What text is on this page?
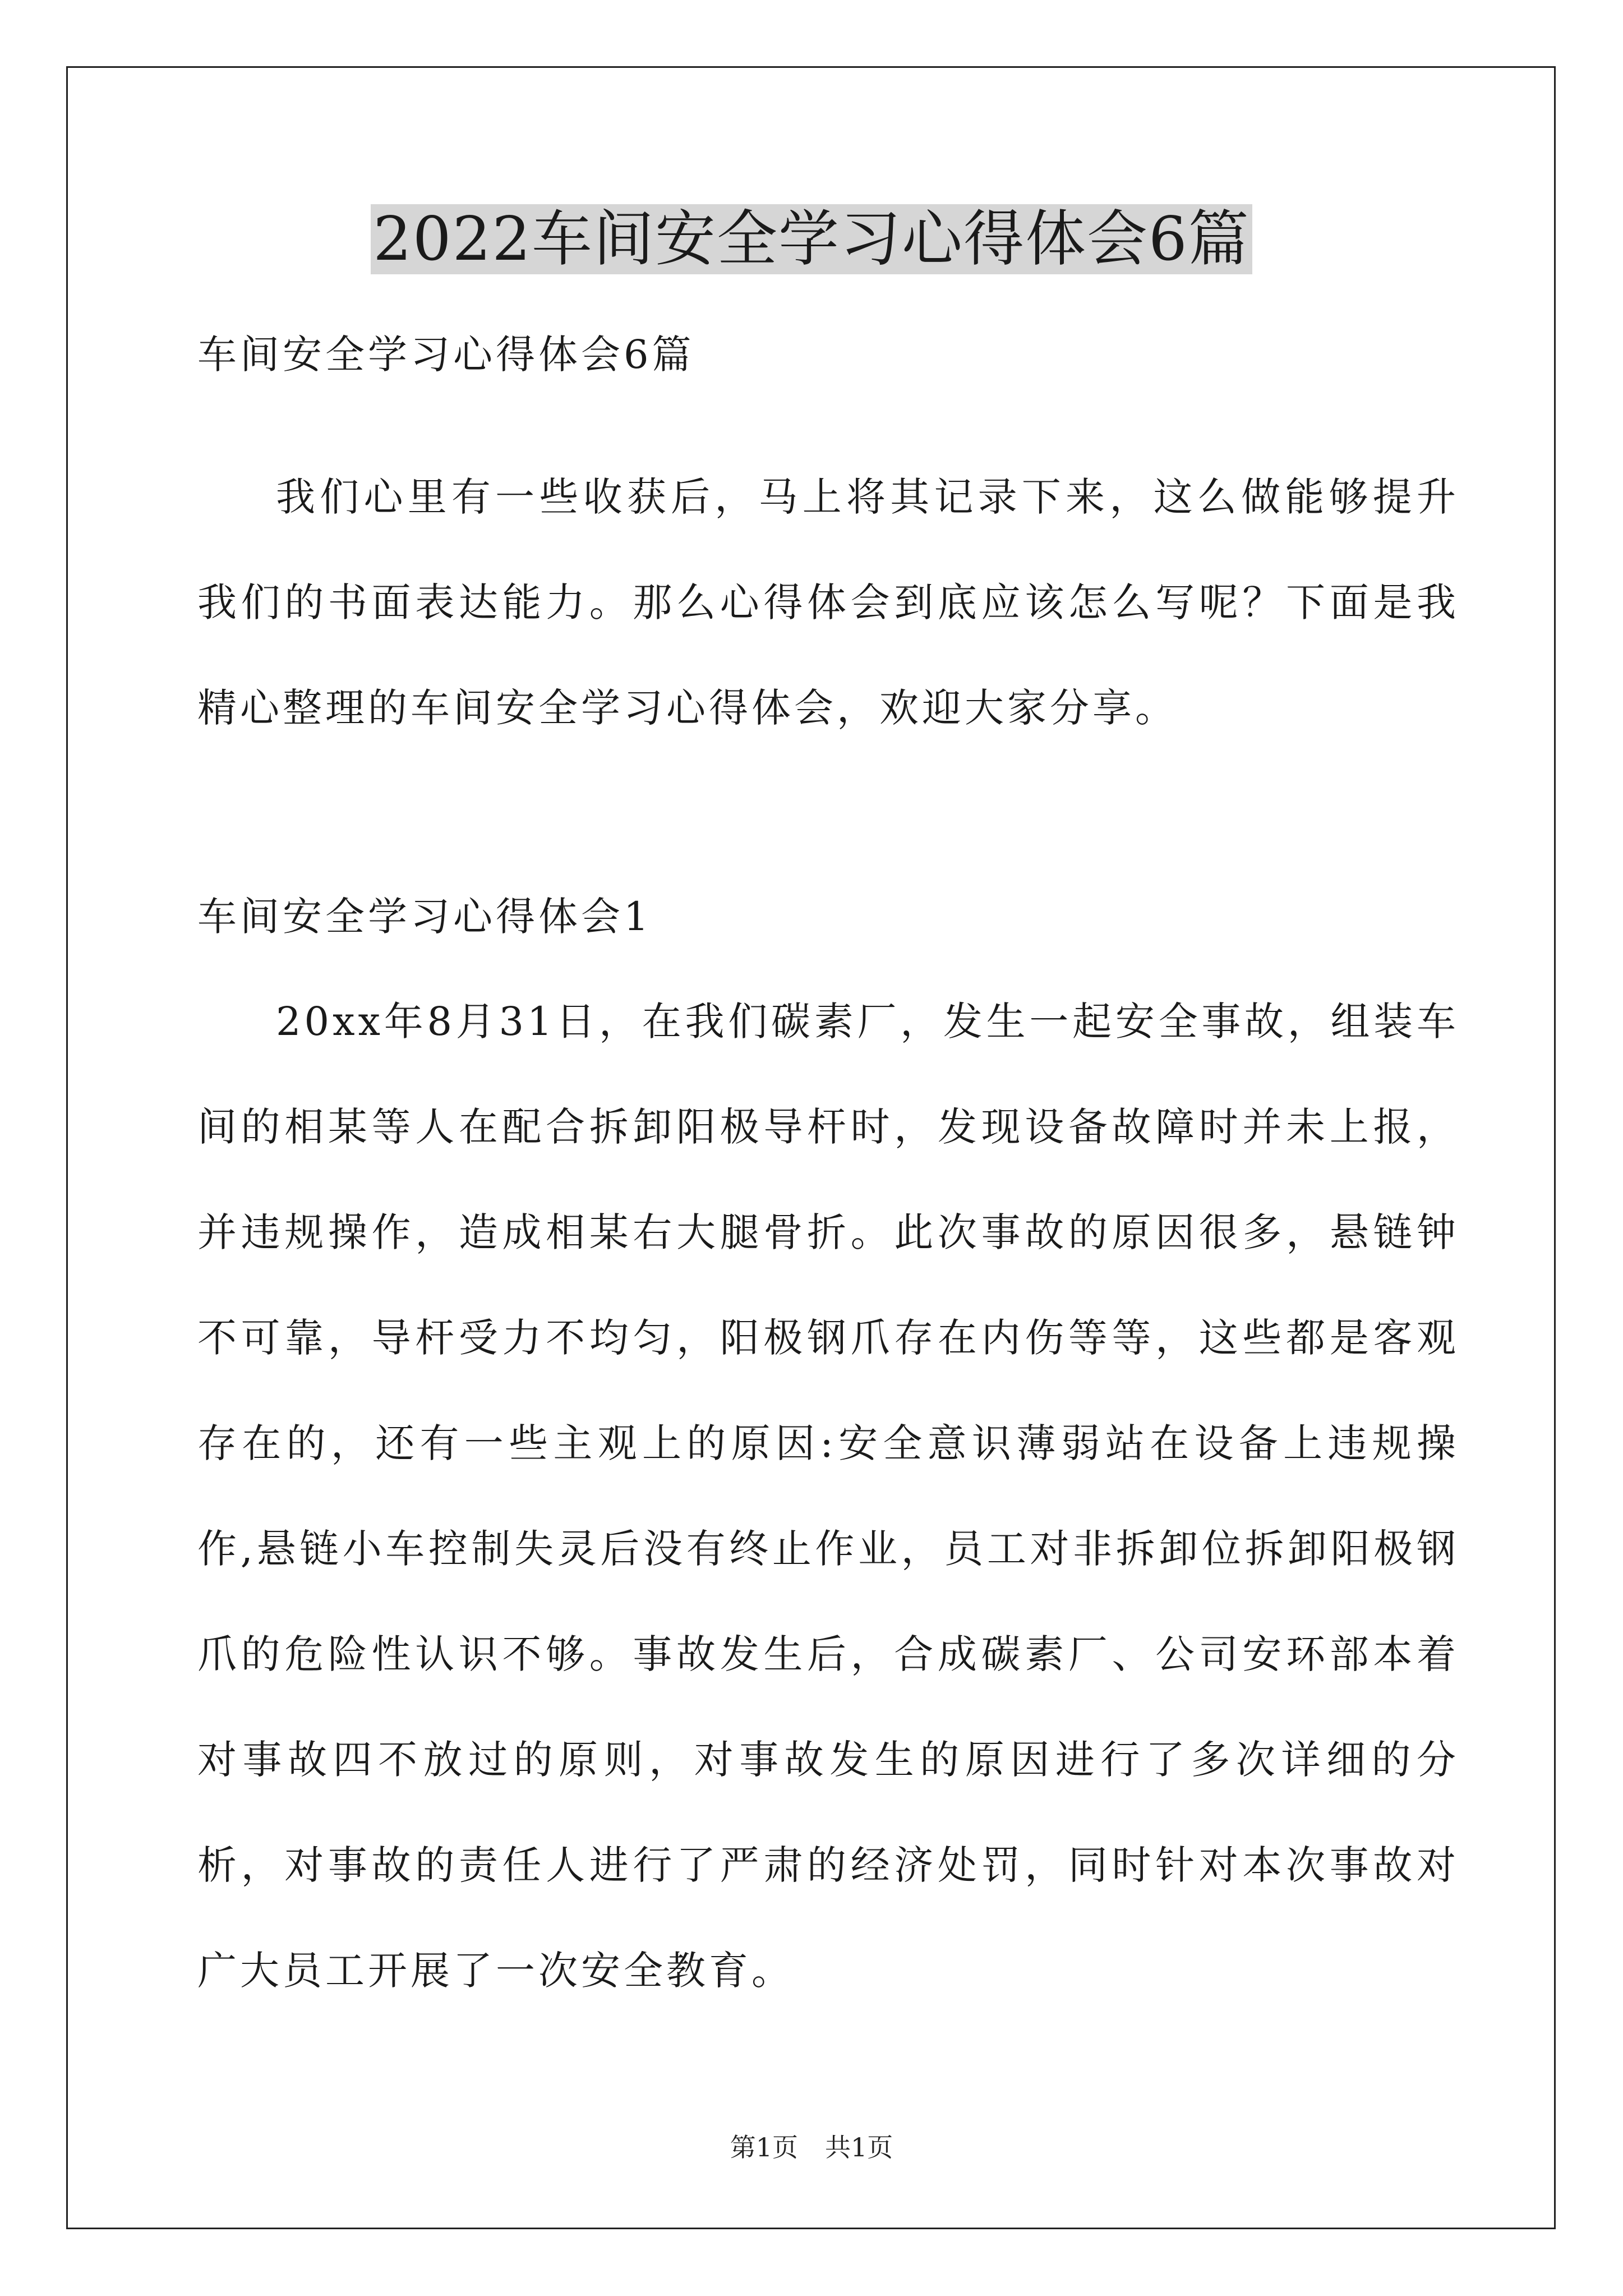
2022车间安全学习心得体会6篇

车间安全学习心得体会6篇

我们心里有一些收获后，马上将其记录下来，这么做能够提升我们的书面表达能力。那么心得体会到底应该怎么写呢？下面是我精心整理的车间安全学习心得体会，欢迎大家分享。

车间安全学习心得体会1

20xx年8月31日，在我们碳素厂，发生一起安全事故，组装车间的相某等人在配合拆卸阳极导杆时，发现设备故障时并未上报，并违规操作，造成相某右大腿骨折。此次事故的原因很多，悬链钟不可靠，导杆受力不均匀，阳极钢爪存在内伤等等，这些都是客观存在的，还有一些主观上的原因:安全意识薄弱站在设备上违规操作,悬链小车控制失灵后没有终止作业，员工对非拆卸位拆卸阳极钢爪的危险性认识不够。事故发生后，合成碳素厂、公司安环部本着对事故四不放过的原则，对事故发生的原因进行了多次详细的分析，对事故的责任人进行了严肃的经济处罚，同时针对本次事故对广大员工开展了一次安全教育。

第1页 共1页
